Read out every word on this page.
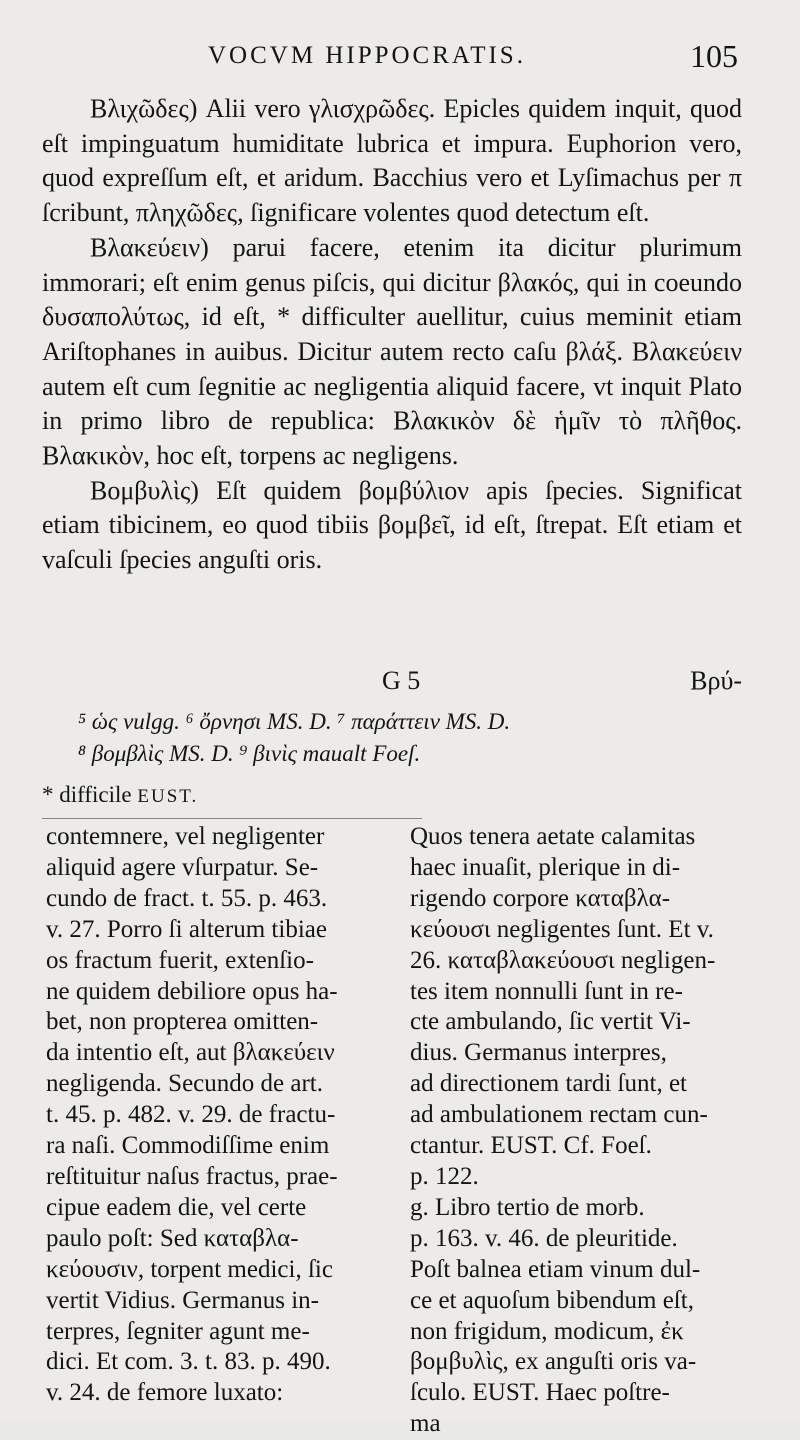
VOCVM HIPPOCRATIS.	105

Βλιχῶδες) Alii vero γλισχρῶδες. Epicles quidem inquit, quod eſt impinguatum humiditate lubrica et impura. Euphorion vero, quod expreſſum eſt, et aridum. Bacchius vero et Lyſimachus per π ſcribunt, πληχῶδες, ſignificare volentes quod detectum eſt.

Βλακεύειν) parui facere, etenim ita dicitur plurimum immorari; eſt enim genus piſcis, qui dicitur βλακός, qui in coeundo δυσαπολύτως, id eſt, * difficulter auellitur, cuius meminit etiam Ariſtophanes in auibus. Dicitur autem recto caſu βλάξ. Βλακεύειν autem eſt cum ſegnitie ac negligentia aliquid facere, vt inquit Plato in primo libro de republica: Βλακικὸν δὲ ἡμῖν τὸ πλῆθος. Βλακικὸν, hoc eſt, torpens ac negligens.

Βομβυλὶς) Eſt quidem βομβύλιον apis ſpecies. Significat etiam tibicinem, eo quod tibiis βομβεῖ, id eſt, ſtrepat. Eſt etiam et vaſculi ſpecies anguſti oris.

G 5	Βρύ-
⁵ ὡς vulgg. ⁶ ὄρνησι MS. D. ⁷ παράττειν MS. D.
⁸ βομβλὶς MS. D. ⁹ βινὶς maualt Foeſ.
* difficile EUST.
contemnere, vel negligenter
aliquid agere vſurpatur. Se-
cundo de fract. t. 55. p. 463.
v. 27. Porro ſi alterum tibiae
os fractum fuerit, extenſio-
ne quidem debiliore opus ha-
bet, non propterea omitten-
da intentio eſt, aut βλακεύειν
negligenda. Secundo de art.
t. 45. p. 482. v. 29. de fractu-
ra naſi. Commodiſſime enim
reſtituitur naſus fractus, prae-
cipue eadem die, vel certe
paulo poſt: Sed καταβλα-
κεύουσιν, torpent medici, ſic
vertit Vidius. Germanus in-
terpres, ſegniter agunt me-
dici. Et com. 3. t. 83. p. 490.
v. 24. de femore luxato:
Quos tenera aetate calamitas
haec inuaſit, plerique in di-
rigendo corpore καταβλα-
κεύουσι negligentes ſunt. Et v.
26. καταβλακεύουσι negligen-
tes item nonnulli ſunt in re-
cte ambulando, ſic vertit Vi-
dius. Germanus interpres,
ad directionem tardi ſunt, et
ad ambulationem rectam cun-
ctantur. EUST. Cf. Foeſ.
p. 122.
g. Libro tertio de morb.
p. 163. v. 46. de pleuritide.
Poſt balnea etiam vinum dul-
ce et aquoſum bibendum eſt,
non frigidum, modicum, ἐκ
βομβυλὶς, ex anguſti oris va-
ſculo. EUST. Haec poſtre-
ma
